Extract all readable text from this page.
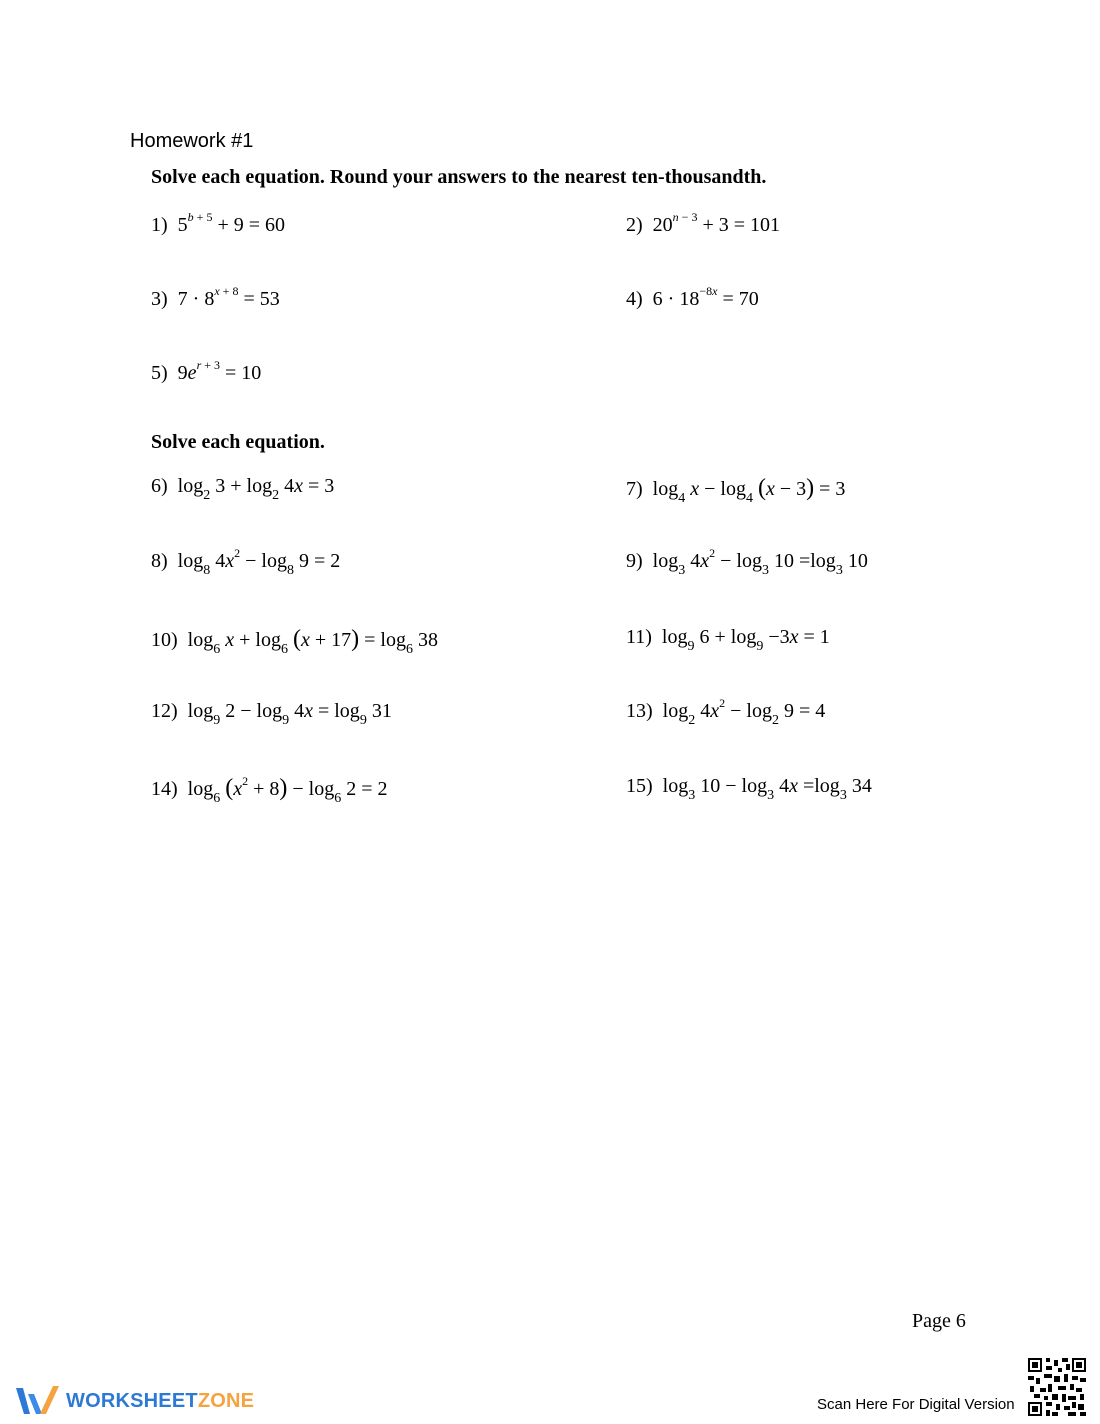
Homework #1
Solve each equation. Round your answers to the nearest ten-thousandth.
1) $5^{b + 5} + 9 = 60$	2) $20^{n - 3} + 3 = 101$
3) $7 \cdot 8^{x + 8} = 53$	4) $6 \cdot 18^{-8x} = 70$
5) $9e^{r + 3} = 10$
Solve each equation.
6) $\log_2 3 + \log_2 4x = 3$	7) $\log_4 x - \log_4 (x - 3) = 3$
8) $\log_8 4x^2 - \log_8 9 = 2$	9) $\log_3 4x^2 - \log_3 10 =\log_3$ 10
10) $\log_6 x + \log_6 (x + 17) = \log_6 38$	11) $\log_9 6 + \log_9 -3x = 1$
12) $\log_9 2 - \log_9 4x = \log_9 31$	13) $\log_2 4x^2 - \log_2 9 = 4$
14) $\log_6 (x^2 + 8) - \log_6 2 = 2$	15) $\log_3 10 - \log_3 4x =\log_3$ 34
Page 6
WORKSHEETZONE	Scan Here For Digital Version
